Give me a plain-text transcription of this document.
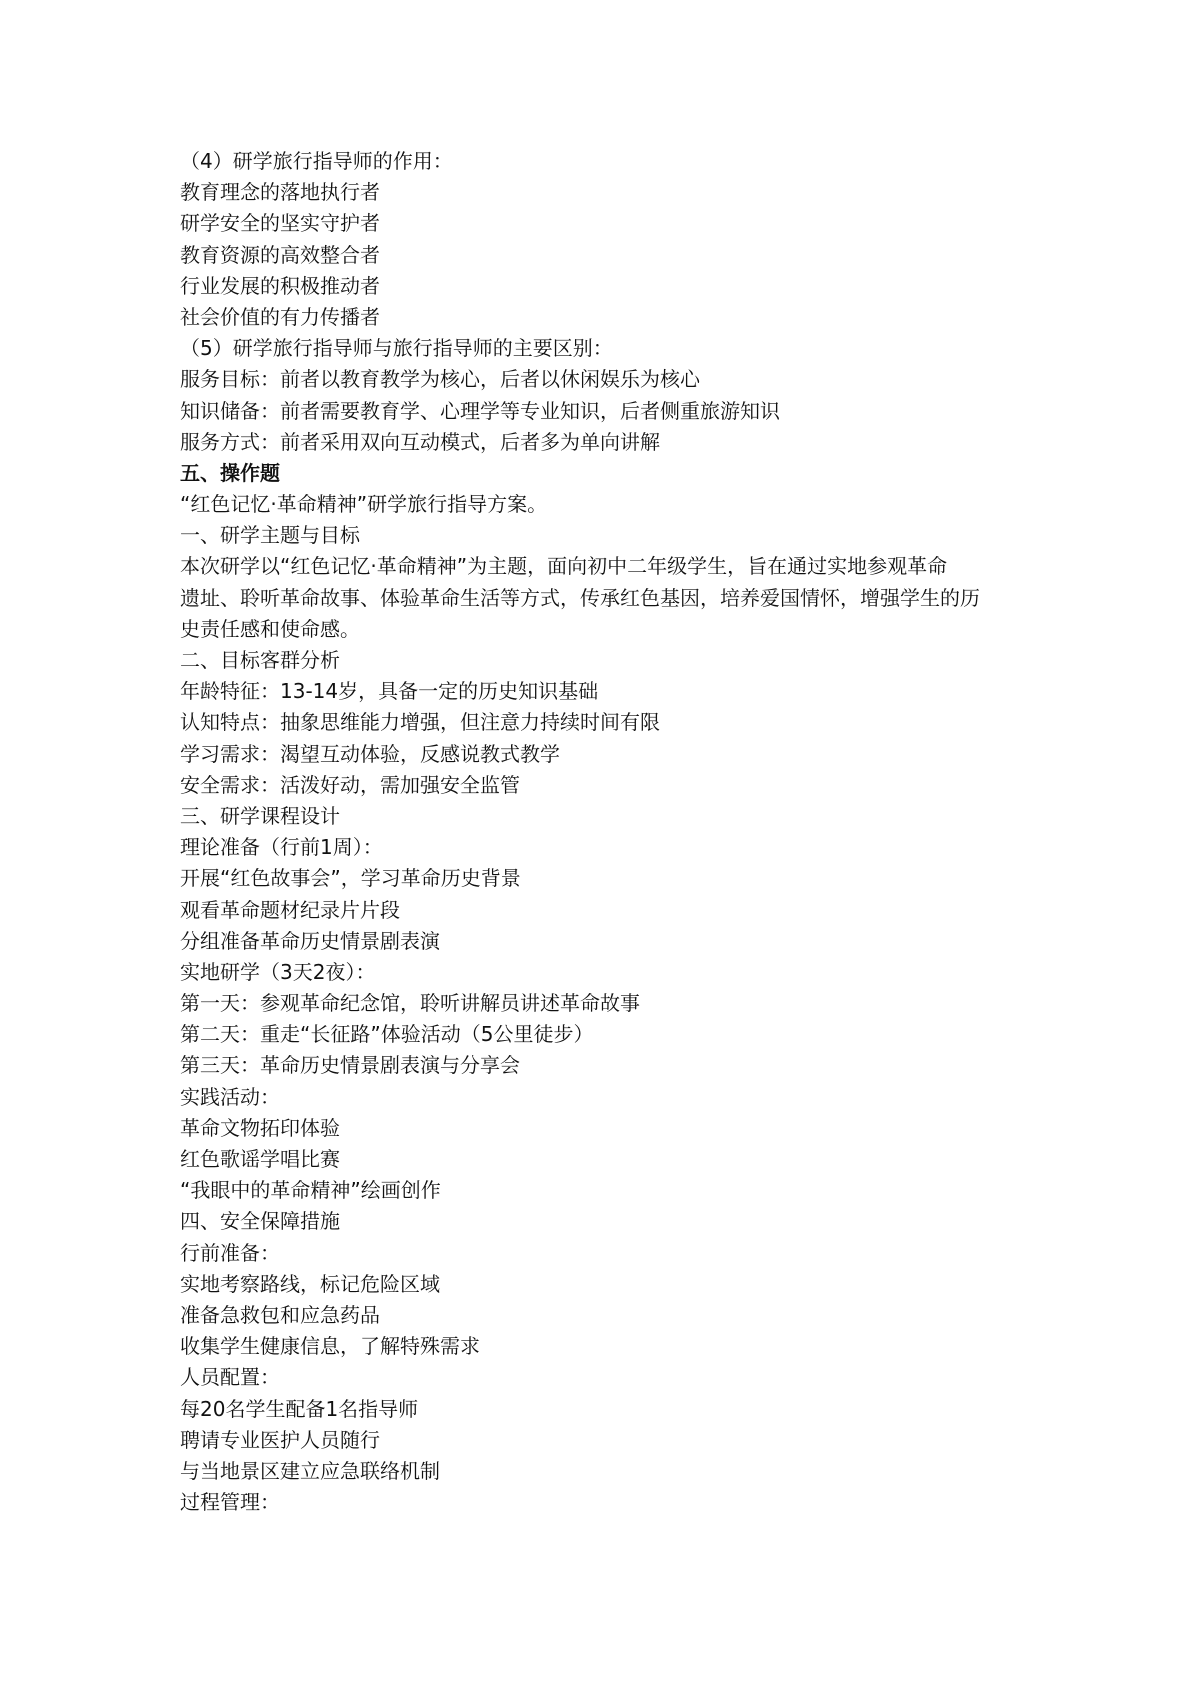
（4）研学旅行指导师的作用：
教育理念的落地执行者
研学安全的坚实守护者
教育资源的高效整合者
行业发展的积极推动者
社会价值的有力传播者
（5）研学旅行指导师与旅行指导师的主要区别：
服务目标：前者以教育教学为核心，后者以休闲娱乐为核心
知识储备：前者需要教育学、心理学等专业知识，后者侧重旅游知识
服务方式：前者采用双向互动模式，后者多为单向讲解
五、操作题
“红色记忆·革命精神”研学旅行指导方案。
一、研学主题与目标
本次研学以“红色记忆·革命精神”为主题，面向初中二年级学生，旨在通过实地参观革命
遗址、聆听革命故事、体验革命生活等方式，传承红色基因，培养爱国情怀，增强学生的历
史责任感和使命感。
二、目标客群分析
年龄特征：13-14岁，具备一定的历史知识基础
认知特点：抽象思维能力增强，但注意力持续时间有限
学习需求：渴望互动体验，反感说教式教学
安全需求：活泼好动，需加强安全监管
三、研学课程设计
理论准备（行前1周）：
开展“红色故事会”，学习革命历史背景
观看革命题材纪录片片段
分组准备革命历史情景剧表演
实地研学（3天2夜）：
第一天：参观革命纪念馆，聆听讲解员讲述革命故事
第二天：重走“长征路”体验活动（5公里徒步）
第三天：革命历史情景剧表演与分享会
实践活动：
革命文物拓印体验
红色歌谣学唱比赛
“我眼中的革命精神”绘画创作
四、安全保障措施
行前准备：
实地考察路线，标记危险区域
准备急救包和应急药品
收集学生健康信息，了解特殊需求
人员配置：
每20名学生配备1名指导师
聘请专业医护人员随行
与当地景区建立应急联络机制
过程管理：
